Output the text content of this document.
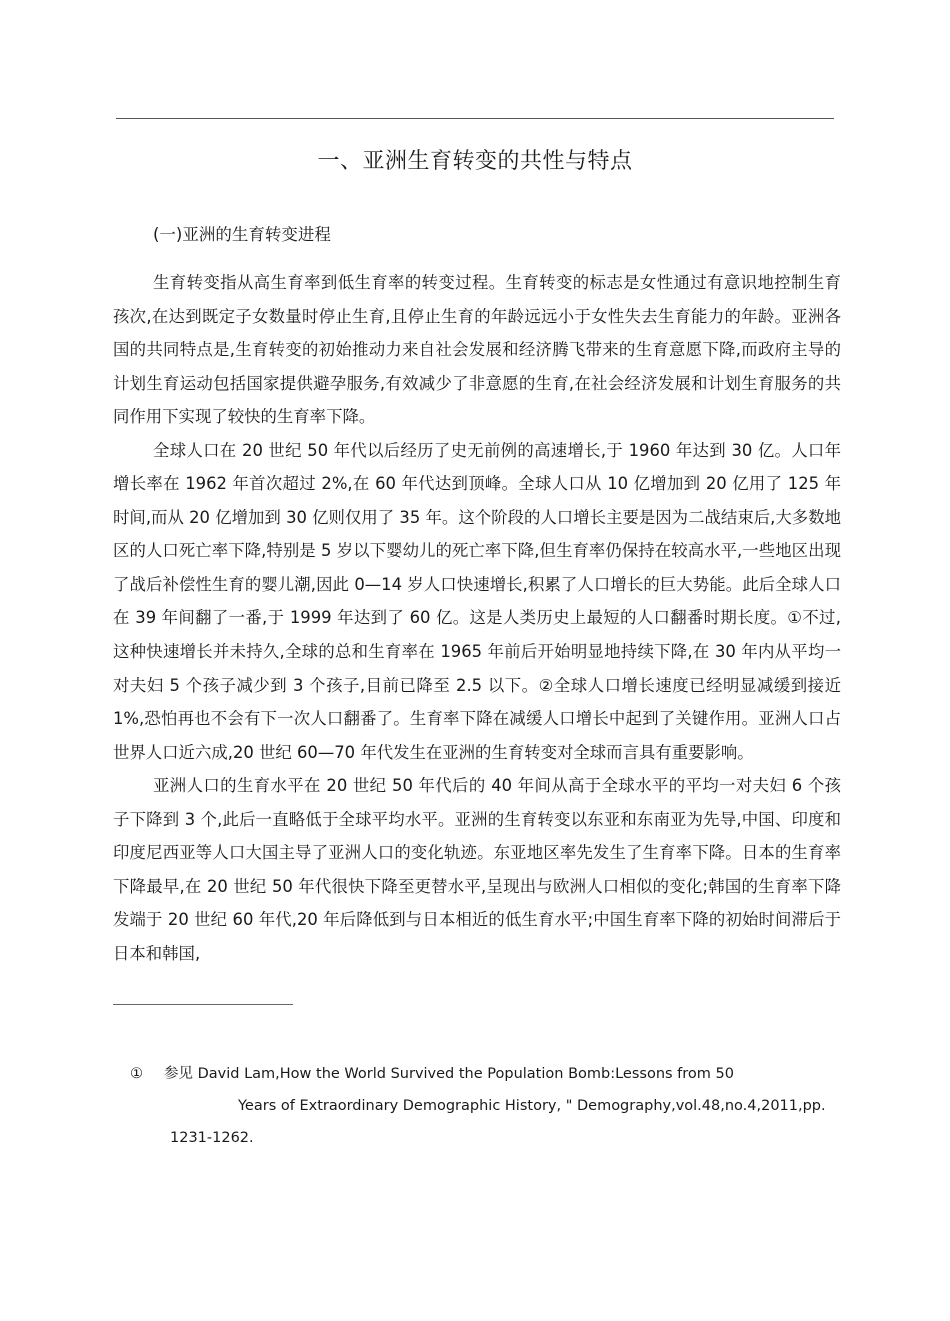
一、亚洲生育转变的共性与特点
(一)亚洲的生育转变进程

生育转变指从高生育率到低生育率的转变过程。生育转变的标志是女性通过有意识地控制生育孩次,在达到既定子女数量时停止生育,且停止生育的年龄远远小于女性失去生育能力的年龄。亚洲各国的共同特点是,生育转变的初始推动力来自社会发展和经济腾飞带来的生育意愿下降,而政府主导的计划生育运动包括国家提供避孕服务,有效减少了非意愿的生育,在社会经济发展和计划生育服务的共同作用下实现了较快的生育率下降。

全球人口在 20 世纪 50 年代以后经历了史无前例的高速增长,于 1960 年达到 30 亿。人口年增长率在 1962 年首次超过 2%,在 60 年代达到顶峰。全球人口从 10 亿增加到 20 亿用了 125 年时间,而从 20 亿增加到 30 亿则仅用了 35 年。这个阶段的人口增长主要是因为二战结束后,大多数地区的人口死亡率下降,特别是 5 岁以下婴幼儿的死亡率下降,但生育率仍保持在较高水平,一些地区出现了战后补偿性生育的婴儿潮,因此 0—14 岁人口快速增长,积累了人口增长的巨大势能。此后全球人口在 39 年间翻了一番,于 1999 年达到了 60 亿。这是人类历史上最短的人口翻番时期长度。①不过,这种快速增长并未持久,全球的总和生育率在 1965 年前后开始明显地持续下降,在 30 年内从平均一对夫妇 5 个孩子减少到 3 个孩子,目前已降至 2.5 以下。②全球人口增长速度已经明显减缓到接近 1%,恐怕再也不会有下一次人口翻番了。生育率下降在减缓人口增长中起到了关键作用。亚洲人口占世界人口近六成,20 世纪 60—70 年代发生在亚洲的生育转变对全球而言具有重要影响。

亚洲人口的生育水平在 20 世纪 50 年代后的 40 年间从高于全球水平的平均一对夫妇 6 个孩子下降到 3 个,此后一直略低于全球平均水平。亚洲的生育转变以东亚和东南亚为先导,中国、印度和印度尼西亚等人口大国主导了亚洲人口的变化轨迹。东亚地区率先发生了生育率下降。日本的生育率下降最早,在 20 世纪 50 年代很快下降至更替水平,呈现出与欧洲人口相似的变化;韩国的生育率下降发端于 20 世纪 60 年代,20 年后降低到与日本相近的低生育水平;中国生育率下降的初始时间滞后于日本和韩国,

① 参见 David Lam,How the World Survived the Population Bomb:Lessons from 50
Years of Extraordinary Demographic History, " Demography,vol.48,no.4,2011,pp.
1231-1262.
